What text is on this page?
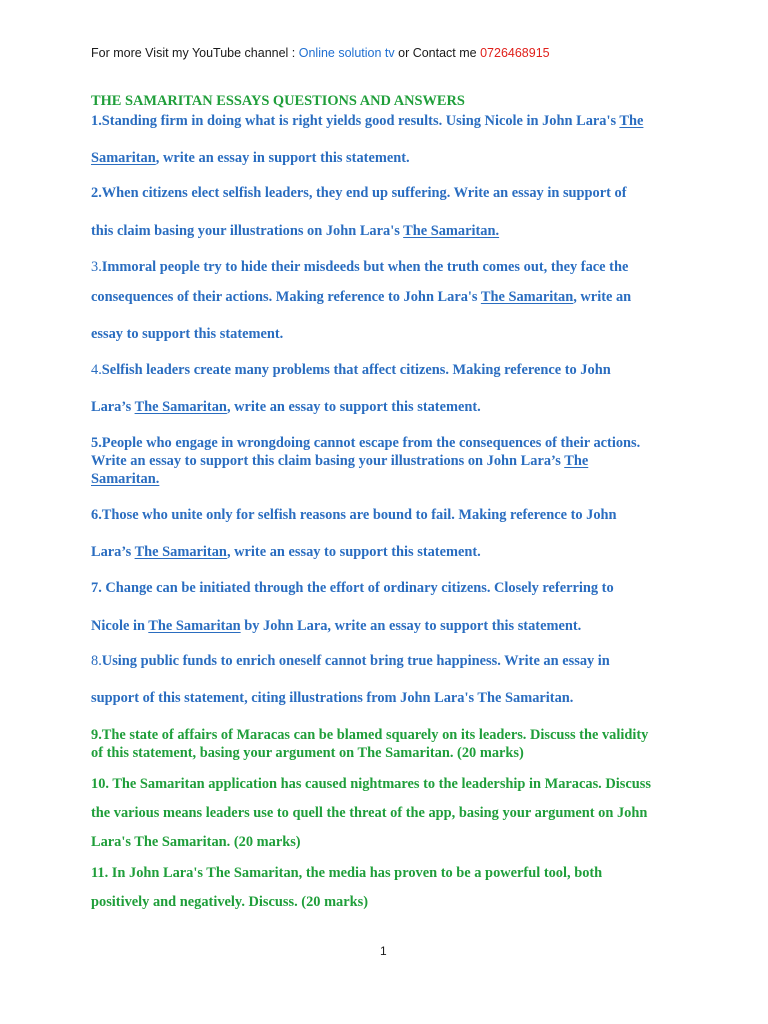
For more Visit my YouTube channel : Online solution tv or Contact me 0726468915
THE SAMARITAN ESSAYS QUESTIONS AND ANSWERS
1.Standing firm in doing what is right yields good results. Using Nicole in John Lara's The
Samaritan, write an essay in support this statement.
2.When citizens elect selfish leaders, they end up suffering. Write an essay in support of
this claim basing your illustrations on John Lara's The Samaritan.
3.Immoral people try to hide their misdeeds but when the truth comes out, they face the
consequences of their actions. Making reference to John Lara's The Samaritan, write an
essay to support this statement.
4.Selfish leaders create many problems that affect citizens. Making reference to John
Lara’s The Samaritan, write an essay to support this statement.
5.People who engage in wrongdoing cannot escape from the consequences of their actions.
Write an essay to support this claim basing your illustrations on John Lara’s The
Samaritan.
6.Those who unite only for selfish reasons are bound to fail. Making reference to John
Lara’s The Samaritan, write an essay to support this statement.
7. Change can be initiated through the effort of ordinary citizens. Closely referring to
Nicole in The Samaritan by John Lara, write an essay to support this statement.
8.Using public funds to enrich oneself cannot bring true happiness. Write an essay in
support of this statement, citing illustrations from John Lara's The Samaritan.
9.The state of affairs of Maracas can be blamed squarely on its leaders. Discuss the validity
of this statement, basing your argument on The Samaritan. (20 marks)
10. The Samaritan application has caused nightmares to the leadership in Maracas. Discuss
the various means leaders use to quell the threat of the app, basing your argument on John
Lara's The Samaritan. (20 marks)
11. In John Lara's The Samaritan, the media has proven to be a powerful tool, both
positively and negatively. Discuss. (20 marks)
1
